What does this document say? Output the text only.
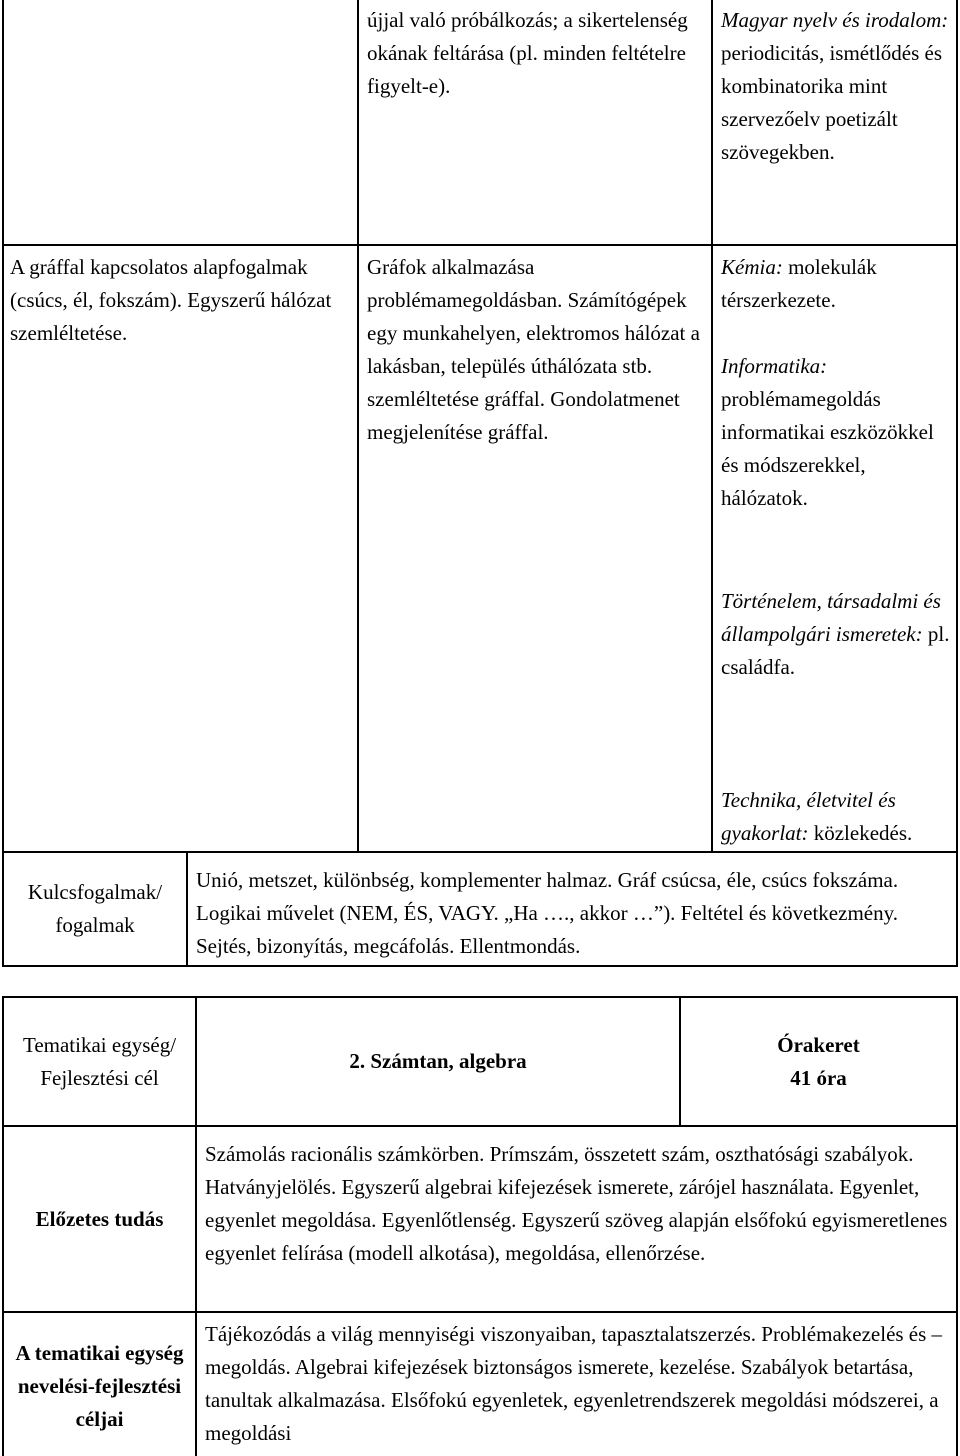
újjal való próbálkozás; a sikertelenség okának feltárása (pl. minden feltételre figyelt-e).
Magyar nyelv és irodalom: periodicitás, ismétlődés és kombinatorika mint szervezőelv poetizált szövegekben.
A gráffal kapcsolatos alapfogalmak (csúcs, él, fokszám). Egyszerű hálózat szemléltetése.
Gráfok alkalmazása problémamegoldásban. Számítógépek egy munkahelyen, elektromos hálózat a lakásban, település úthálózata stb. szemléltetése gráffal. Gondolatmenet megjelenítése gráffal.
Kémia: molekulák térszerkezete.
Informatika: problémamegoldás informatikai eszközökkel és módszerekkel, hálózatok.
Történelem, társadalmi és állampolgári ismeretek: pl. családfa.
Technika, életvitel és gyakorlat: közlekedés.
Kulcsfogalmak/ fogalmak
Unió, metszet, különbség, komplementer halmaz. Gráf csúcsa, éle, csúcs fokszáma. Logikai művelet (NEM, ÉS, VAGY. „Ha …., akkor …”). Feltétel és következmény. Sejtés, bizonyítás, megcáfolás. Ellentmondás.
Tematikai egység/ Fejlesztési cél
2. Számtan, algebra
Órakeret
41 óra
Előzetes tudás
Számolás racionális számkörben. Prímszám, összetett szám, oszthatósági szabályok. Hatványjelölés. Egyszerű algebrai kifejezések ismerete, zárójel használata. Egyenlet, egyenlet megoldása. Egyenlőtlenség. Egyszerű szöveg alapján elsőfokú egyismeretlenes egyenlet felírása (modell alkotása), megoldása, ellenőrzése.
A tematikai egység nevelési-fejlesztési céljai
Tájékozódás a világ mennyiségi viszonyaiban, tapasztalatszerzés. Problémakezelés és –megoldás. Algebrai kifejezések biztonságos ismerete, kezelése. Szabályok betartása, tanultak alkalmazása. Elsőfokú egyenletek, egyenletrendszerek megoldási módszerei, a megoldási
